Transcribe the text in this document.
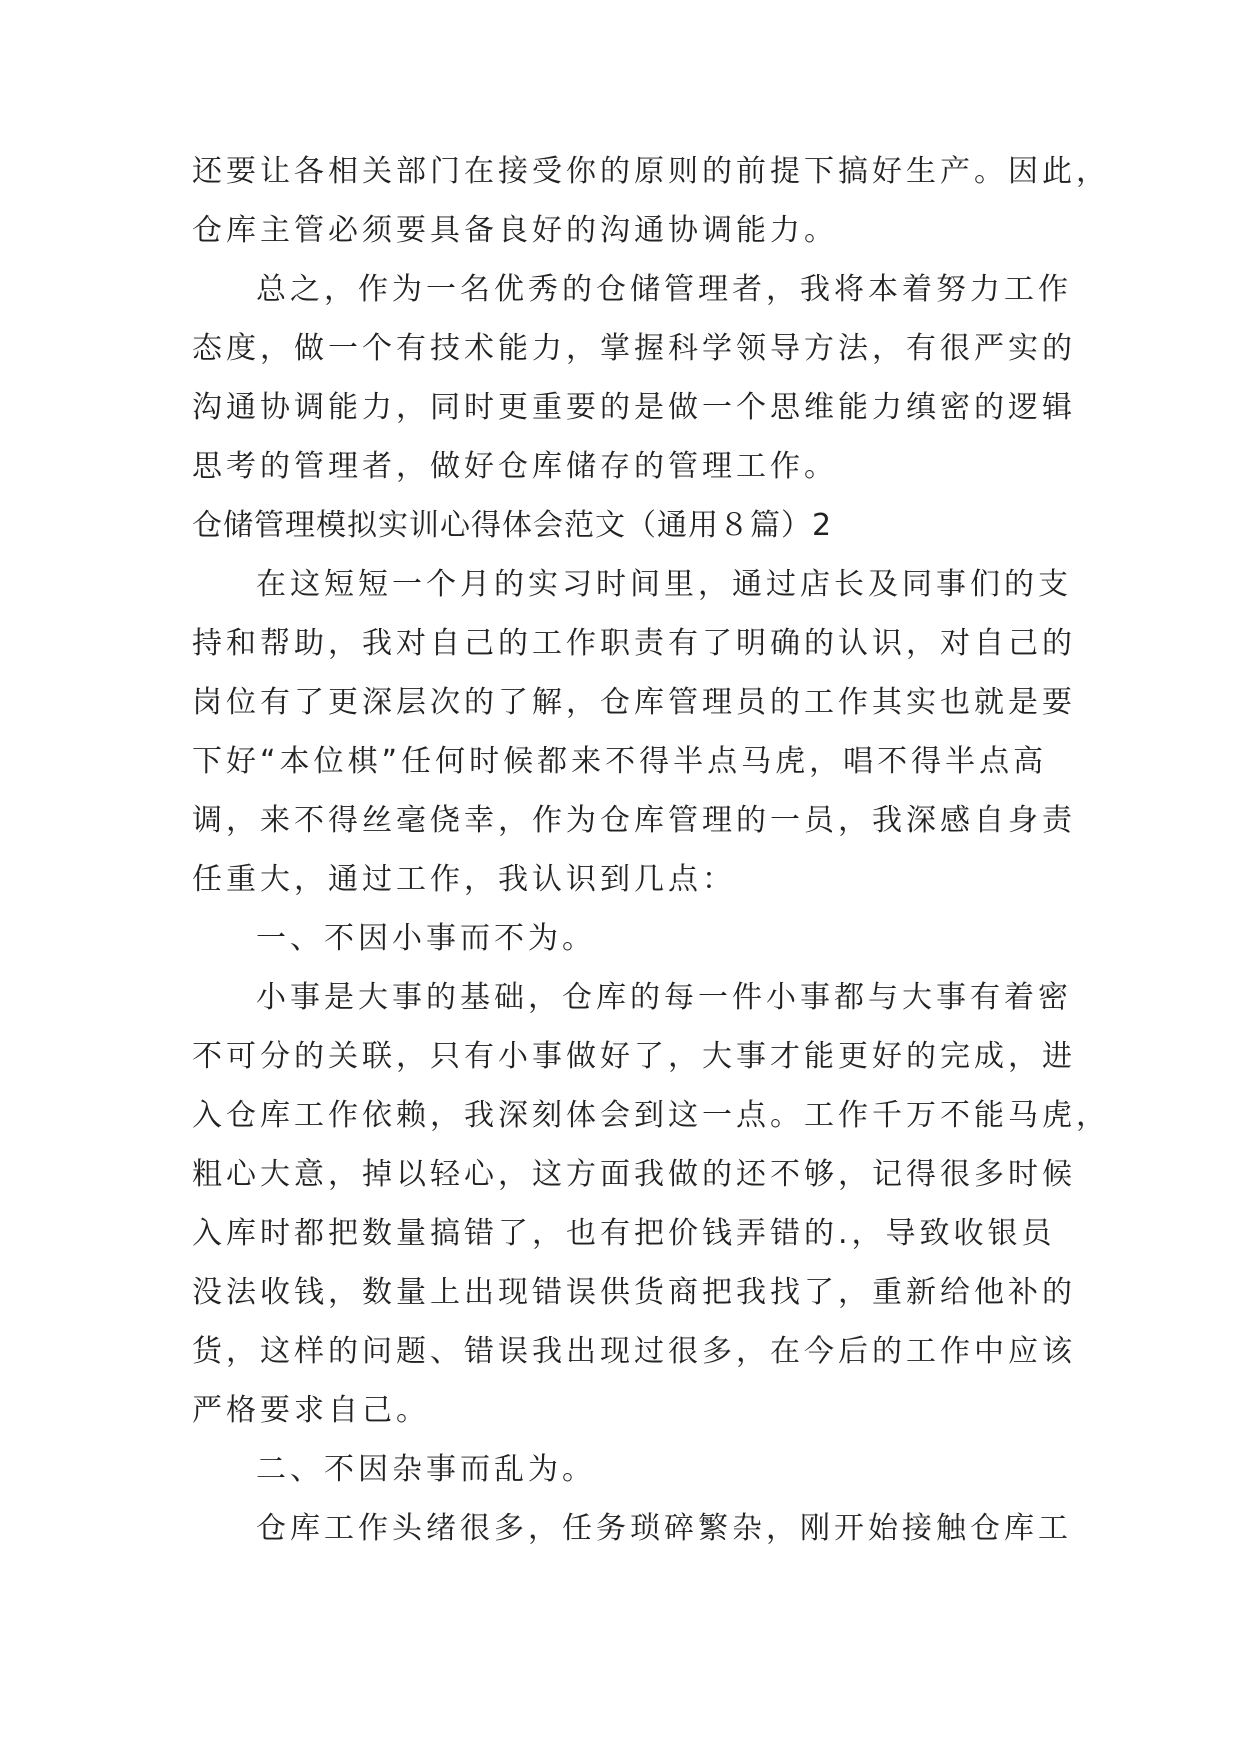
还要让各相关部门在接受你的原则的前提下搞好生产。因此，

仓库主管必须要具备良好的沟通协调能力。

总之，作为一名优秀的仓储管理者，我将本着努力工作

态度，做一个有技术能力，掌握科学领导方法，有很严实的

沟通协调能力，同时更重要的是做一个思维能力缜密的逻辑

思考的管理者，做好仓库储存的管理工作。

仓储管理模拟实训心得体会范文（通用８篇）2

在这短短一个月的实习时间里，通过店长及同事们的支

持和帮助，我对自己的工作职责有了明确的认识，对自己的

岗位有了更深层次的了解，仓库管理员的工作其实也就是要

下好“本位棋”任何时候都来不得半点马虎，唱不得半点高

调，来不得丝毫侥幸，作为仓库管理的一员，我深感自身责

任重大，通过工作，我认识到几点：

一、不因小事而不为。

小事是大事的基础，仓库的每一件小事都与大事有着密

不可分的关联，只有小事做好了，大事才能更好的完成，进

入仓库工作依赖，我深刻体会到这一点。工作千万不能马虎，

粗心大意，掉以轻心，这方面我做的还不够，记得很多时候

入库时都把数量搞错了，也有把价钱弄错的.，导致收银员

没法收钱，数量上出现错误供货商把我找了，重新给他补的

货，这样的问题、错误我出现过很多，在今后的工作中应该

严格要求自己。

二、不因杂事而乱为。

仓库工作头绪很多，任务琐碎繁杂，刚开始接触仓库工
